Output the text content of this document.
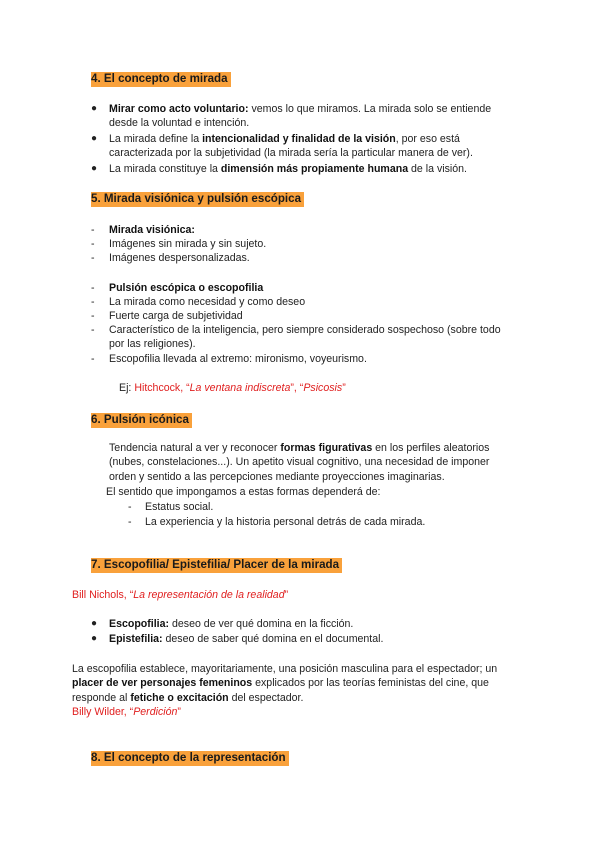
4. El concepto de mirada
● Mirar como acto voluntario: vemos lo que miramos. La mirada solo se entiende
desde la voluntad e intención.
● La mirada define la intencionalidad y finalidad de la visión, por eso está
caracterizada por la subjetividad (la mirada sería la particular manera de ver).
● La mirada constituye la dimensión más propiamente humana de la visión.
5. Mirada visiónica y pulsión escópica
- Mirada visiónica:
- Imágenes sin mirada y sin sujeto.
- Imágenes despersonalizadas.
- Pulsión escópica o escopofilia
- La mirada como necesidad y como deseo
- Fuerte carga de subjetividad
- Característico de la inteligencia, pero siempre considerado sospechoso (sobre todo
por las religiones).
- Escopofilia llevada al extremo: mironismo, voyeurismo.
Ej: Hitchcock, “La ventana indiscreta”, “Psicosis”
6. Pulsión icónica
Tendencia natural a ver y reconocer formas figurativas en los perfiles aleatorios
(nubes, constelaciones...). Un apetito visual cognitivo, una necesidad de imponer
orden y sentido a las percepciones mediante proyecciones imaginarias.
El sentido que impongamos a estas formas dependerá de:
- Estatus social.
- La experiencia y la historia personal detrás de cada mirada.
7. Escopofilia/ Epistefilia/ Placer de la mirada
Bill Nichols, “La representación de la realidad”
● Escopofilia: deseo de ver qué domina en la ficción.
● Epistefilia: deseo de saber qué domina en el documental.
La escopofilia establece, mayoritariamente, una posición masculina para el espectador; un
placer de ver personajes femeninos explicados por las teorías feministas del cine, que
responde al fetiche o excitación del espectador.
Billy Wilder, “Perdición”
8. El concepto de la representación
